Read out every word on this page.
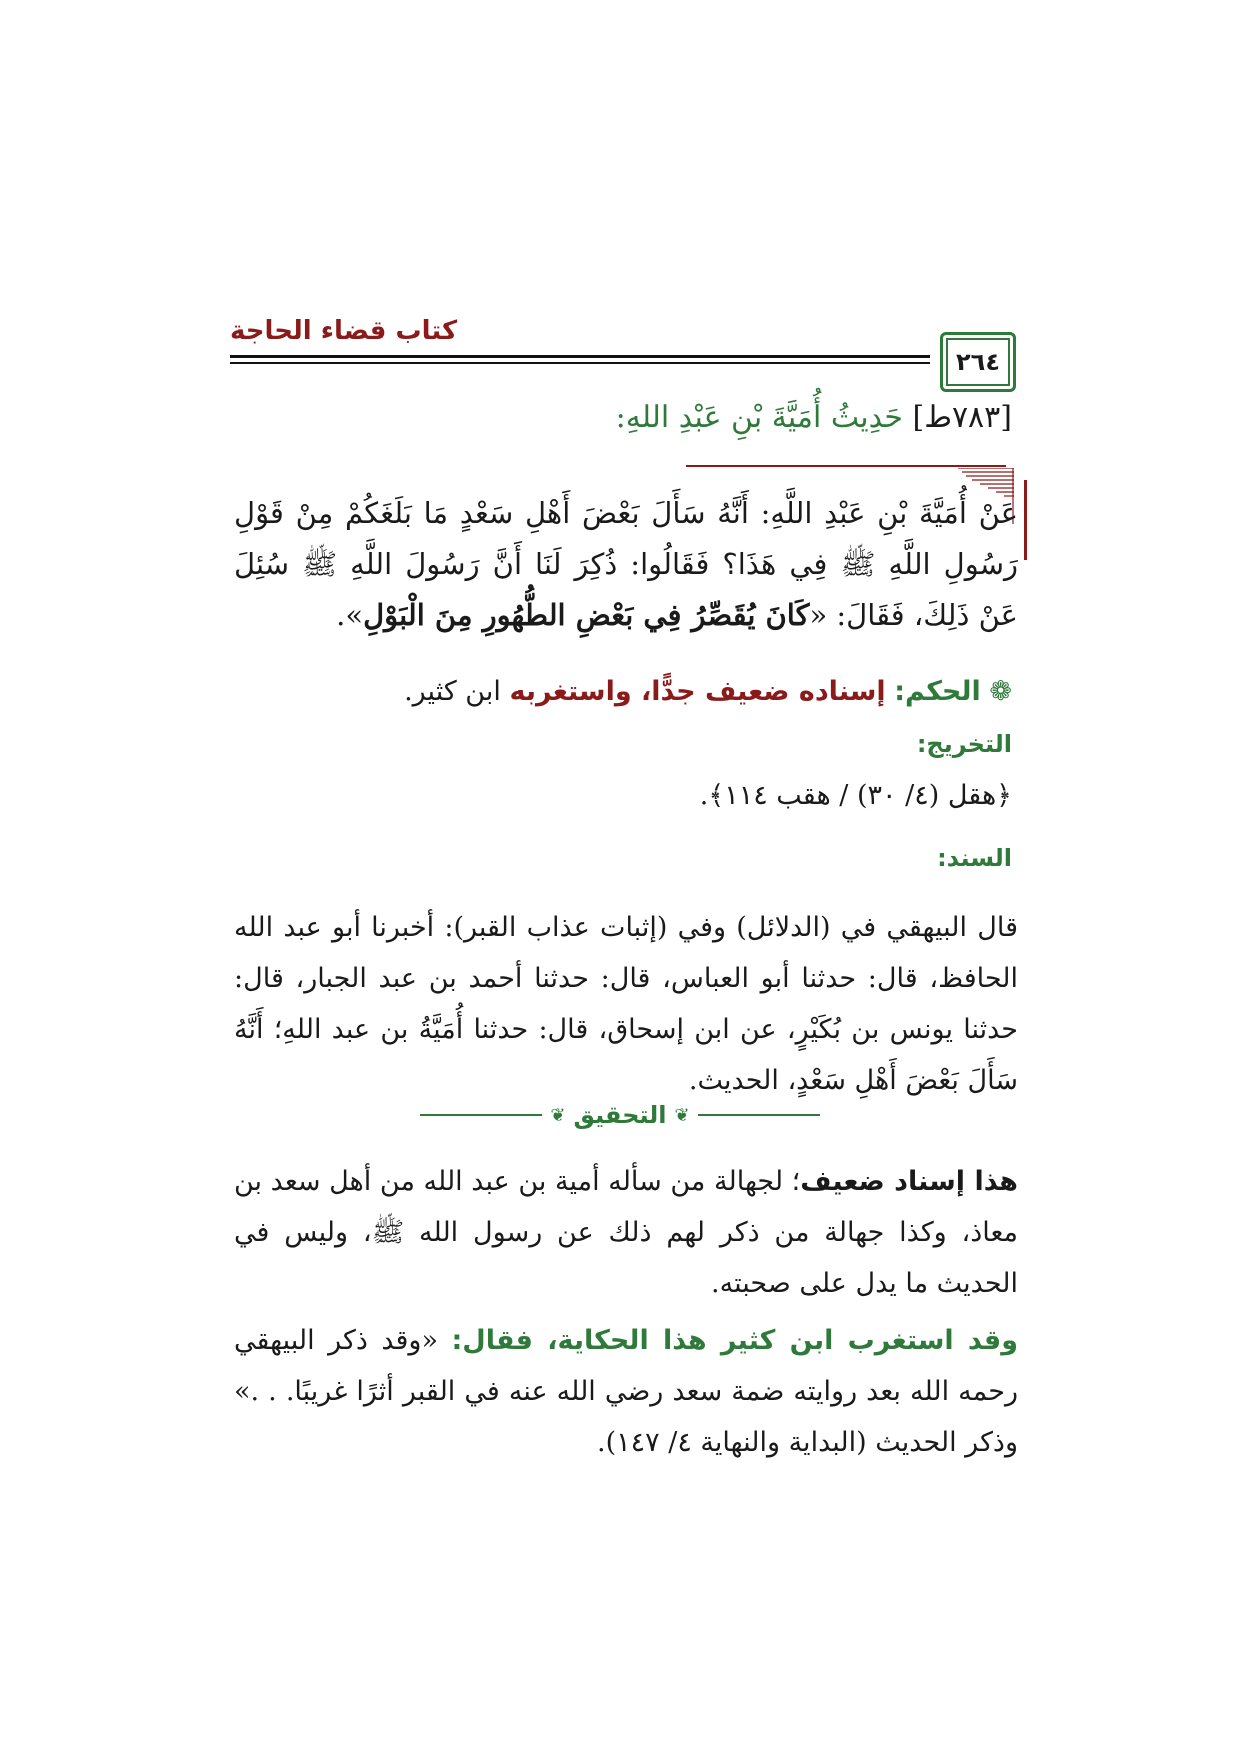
كتاب قضاء الحاجة
٢٦٤
[٧٨٣ط] حَدِيثُ أُمَيَّةَ بْنِ عَبْدِ اللهِ:
عَنْ أُمَيَّةَ بْنِ عَبْدِ اللَّهِ: أَنَّهُ سَأَلَ بَعْضَ أَهْلِ سَعْدٍ مَا بَلَغَكُمْ مِنْ قَوْلِ رَسُولِ اللَّهِ ﷺ فِي هَذَا؟ فَقَالُوا: ذُكِرَ لَنَا أَنَّ رَسُولَ اللَّهِ ﷺ سُئِلَ عَنْ ذَلِكَ، فَقَالَ: «كَانَ يُقَصِّرُ فِي بَعْضِ الطُّهُورِ مِنَ الْبَوْلِ».
❁ الحكم: إسناده ضعيف جدًّا، واستغربه ابن كثير.
التخريج:
﴿هقل (٤/ ٣٠) / هقب ١١٤﴾.
السند:
قال البيهقي في (الدلائل) وفي (إثبات عذاب القبر): أخبرنا أبو عبد الله الحافظ، قال: حدثنا أبو العباس، قال: حدثنا أحمد بن عبد الجبار، قال: حدثنا يونس بن بُكَيْرٍ، عن ابن إسحاق، قال: حدثنا أُمَيَّةُ بن عبد اللهِ؛ أَنَّهُ سَأَلَ بَعْضَ أَهْلِ سَعْدٍ، الحديث.
❦ التحقيق ❦
هذا إسناد ضعيف؛ لجهالة من سأله أمية بن عبد الله من أهل سعد بن معاذ، وكذا جهالة من ذكر لهم ذلك عن رسول الله ﷺ، وليس في الحديث ما يدل على صحبته.
وقد استغرب ابن كثير هذا الحكاية، فقال: «وقد ذكر البيهقي رحمه الله بعد روايته ضمة سعد رضي الله عنه في القبر أثرًا غريبًا. . .» وذكر الحديث (البداية والنهاية ٤/ ١٤٧).
